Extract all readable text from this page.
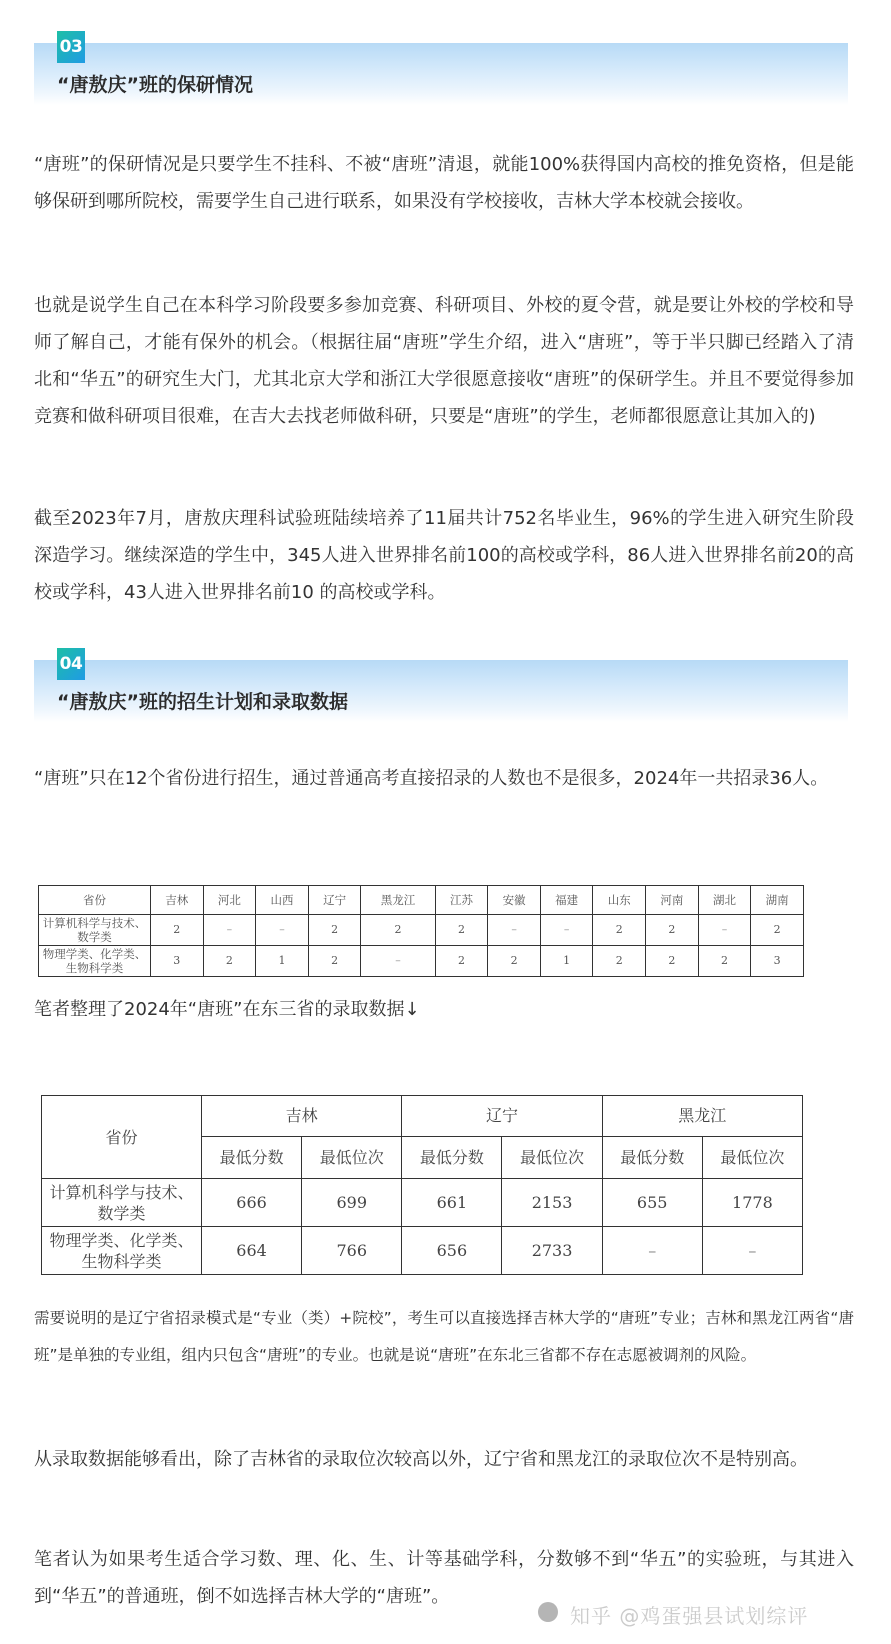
03
“唐敖庆”班的保研情况

“唐班”的保研情况是只要学生不挂科、不被“唐班”清退，就能100%获得国内高校的推免资格，但是能够保研到哪所院校，需要学生自己进行联系，如果没有学校接收，吉林大学本校就会接收。

也就是说学生自己在本科学习阶段要多参加竞赛、科研项目、外校的夏令营，就是要让外校的学校和导师了解自己，才能有保外的机会。（根据往届“唐班”学生介绍，进入“唐班”，等于半只脚已经踏入了清北和“华五”的研究生大门，尤其北京大学和浙江大学很愿意接收“唐班”的保研学生。并且不要觉得参加竞赛和做科研项目很难，在吉大去找老师做科研，只要是“唐班”的学生，老师都很愿意让其加入的)

截至2023年7月，唐敖庆理科试验班陆续培养了11届共计752名毕业生，96%的学生进入研究生阶段深造学习。继续深造的学生中，345人进入世界排名前100的高校或学科，86人进入世界排名前20的高校或学科，43人进入世界排名前10 的高校或学科。

04
“唐敖庆”班的招生计划和录取数据

“唐班”只在12个省份进行招生，通过普通高考直接招录的人数也不是很多，2024年一共招录36人。

省份	吉林	河北	山西	辽宁	黑龙江	江苏	安徽	福建	山东	河南	湖北	湖南
计算机科学与技术、数学类	2	–	–	2	2	2	–	–	2	2	–	2
物理学类、化学类、生物科学类	3	2	1	2	–	2	2	1	2	2	2	3

笔者整理了2024年“唐班”在东三省的录取数据↓

省份	吉林		辽宁		黑龙江	
	最低分数	最低位次	最低分数	最低位次	最低分数	最低位次
计算机科学与技术、数学类	666	699	661	2153	655	1778
物理学类、化学类、生物科学类	664	766	656	2733	–	–

需要说明的是辽宁省招录模式是“专业（类）+院校”，考生可以直接选择吉林大学的“唐班”专业；吉林和黑龙江两省“唐班”是单独的专业组，组内只包含“唐班”的专业。也就是说“唐班”在东北三省都不存在志愿被调剂的风险。

从录取数据能够看出，除了吉林省的录取位次较高以外，辽宁省和黑龙江的录取位次不是特别高。

笔者认为如果考生适合学习数、理、化、生、计等基础学科，分数够不到“华五”的实验班，与其进入到“华五”的普通班，倒不如选择吉林大学的“唐班”。

知乎 @鸡蛋强县试划综评
